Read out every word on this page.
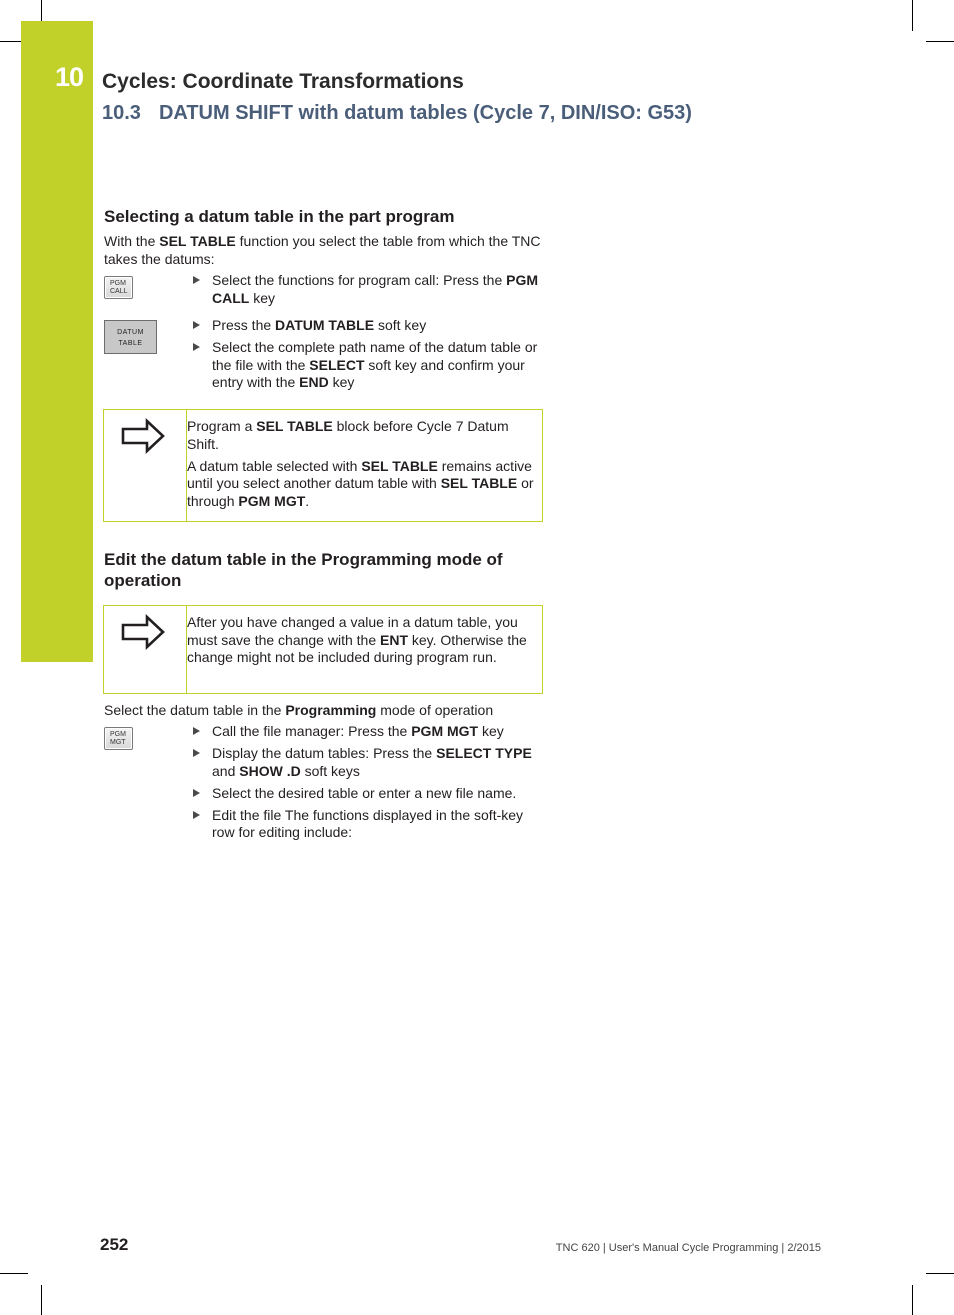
10 Cycles: Coordinate Transformations
10.3 DATUM SHIFT with datum tables (Cycle 7, DIN/ISO: G53)
Selecting a datum table in the part program
With the SEL TABLE function you select the table from which the TNC takes the datums:
PGM
CALL
Select the functions for program call: Press the PGM CALL key
DATUM
TABLE
Press the DATUM TABLE soft key
Select the complete path name of the datum table or the file with the SELECT soft key and confirm your entry with the END key

Program a SEL TABLE block before Cycle 7 Datum Shift.

A datum table selected with SEL TABLE remains active until you select another datum table with SEL TABLE or through PGM MGT.

Edit the datum table in the Programming mode of operation

After you have changed a value in a datum table, you must save the change with the ENT key. Otherwise the change might not be included during program run.

Select the datum table in the Programming mode of operation
PGM
MGT
Call the file manager: Press the PGM MGT key
Display the datum tables: Press the SELECT TYPE and SHOW .D soft keys
Select the desired table or enter a new file name.
Edit the file The functions displayed in the soft-key row for editing include:
252	TNC 620 | User's Manual Cycle Programming | 2/2015
